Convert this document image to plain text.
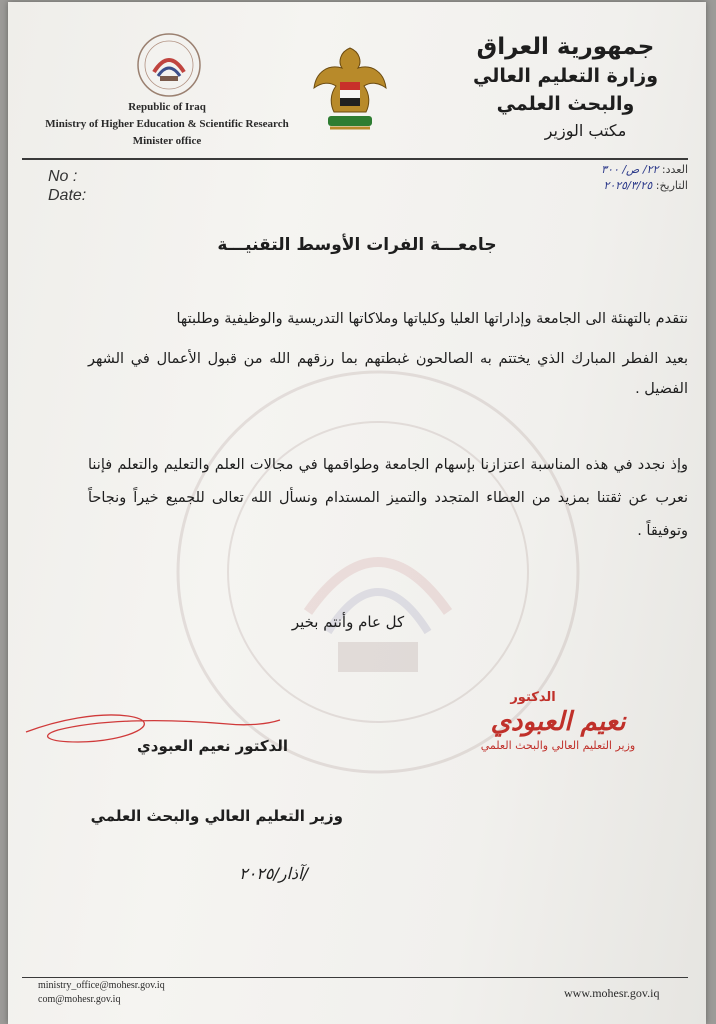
Republic of Iraq
Ministry of Higher Education & Scientific Research
Minister office
جمهورية العراق
وزارة التعليم العالي والبحث العلمي
مكتب الوزير
No :
Date:
العدد: ٢٢/ ص/ ٣٠٠
التاريخ: ٢٠٢٥/٣/٢٥
جامعـــة الفرات الأوسط التقنيـــة
نتقدم بالتهنئة الى الجامعة وإداراتها العليا وكلياتها وملاكاتها التدريسية والوظيفية وطلبتها
بعيد الفطر المبارك الذي يختتم به الصالحون غبطتهم بما رزقهم الله من قبول الأعمال في الشهر الفضيل .
وإذ نجدد في هذه المناسبة اعتزازنا بإسهام الجامعة وطواقمها في مجالات العلم والتعليم والتعلم فإننا نعرب عن ثقتنا بمزيد من العطاء المتجدد والتميز المستدام ونسأل الله تعالى للجميع خيراً ونجاحاً وتوفيقاً .
كل عام وأنتم بخير
الدكتور
نعيم العبودي
وزير التعليم العالي والبحث العلمي
الدكتور نعيم العبودي
وزير التعليم العالي والبحث العلمي
/آذار/٢٠٢٥
ministry_office@mohesr.gov.iq
com@mohesr.gov.iq	www.mohesr.gov.iq
